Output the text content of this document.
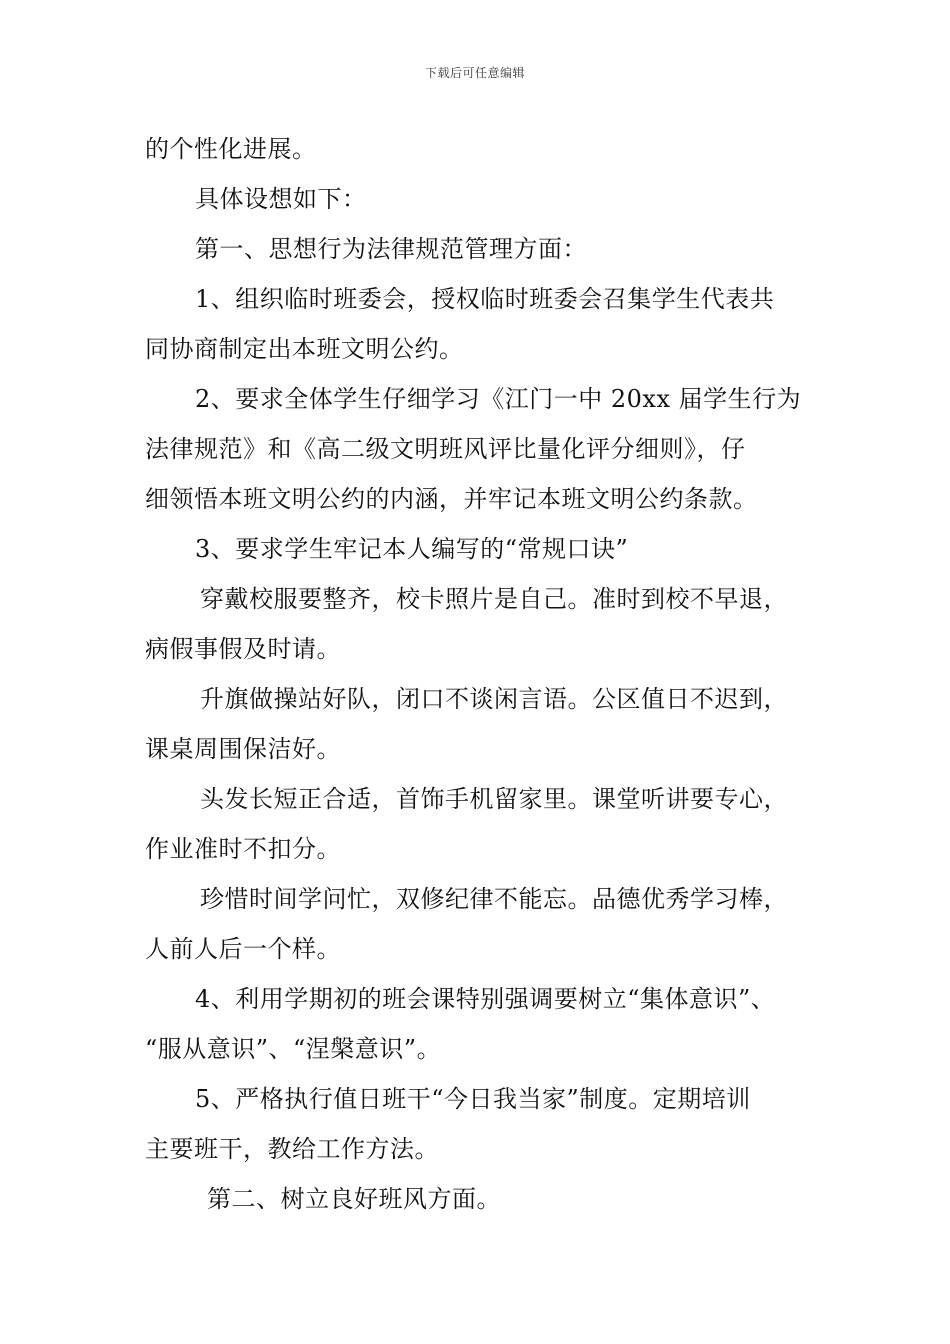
下载后可任意编辑
的个性化进展。
具体设想如下：
第一、思想行为法律规范管理方面：
1、组织临时班委会，授权临时班委会召集学生代表共
同协商制定出本班文明公约。
2、要求全体学生仔细学习《江门一中 20xx 届学生行为
法律规范》和《高二级文明班风评比量化评分细则》，仔
细领悟本班文明公约的内涵，并牢记本班文明公约条款。
3、要求学生牢记本人编写的“常规口诀”
穿戴校服要整齐，校卡照片是自己。准时到校不早退，
病假事假及时请。
升旗做操站好队，闭口不谈闲言语。公区值日不迟到，
课桌周围保洁好。
头发长短正合适，首饰手机留家里。课堂听讲要专心，
作业准时不扣分。
珍惜时间学问忙，双修纪律不能忘。品德优秀学习棒，
人前人后一个样。
4、利用学期初的班会课特别强调要树立“集体意识”、
“服从意识”、“涅槃意识”。
5、严格执行值日班干“今日我当家”制度。定期培训
主要班干，教给工作方法。
第二、树立良好班风方面。
